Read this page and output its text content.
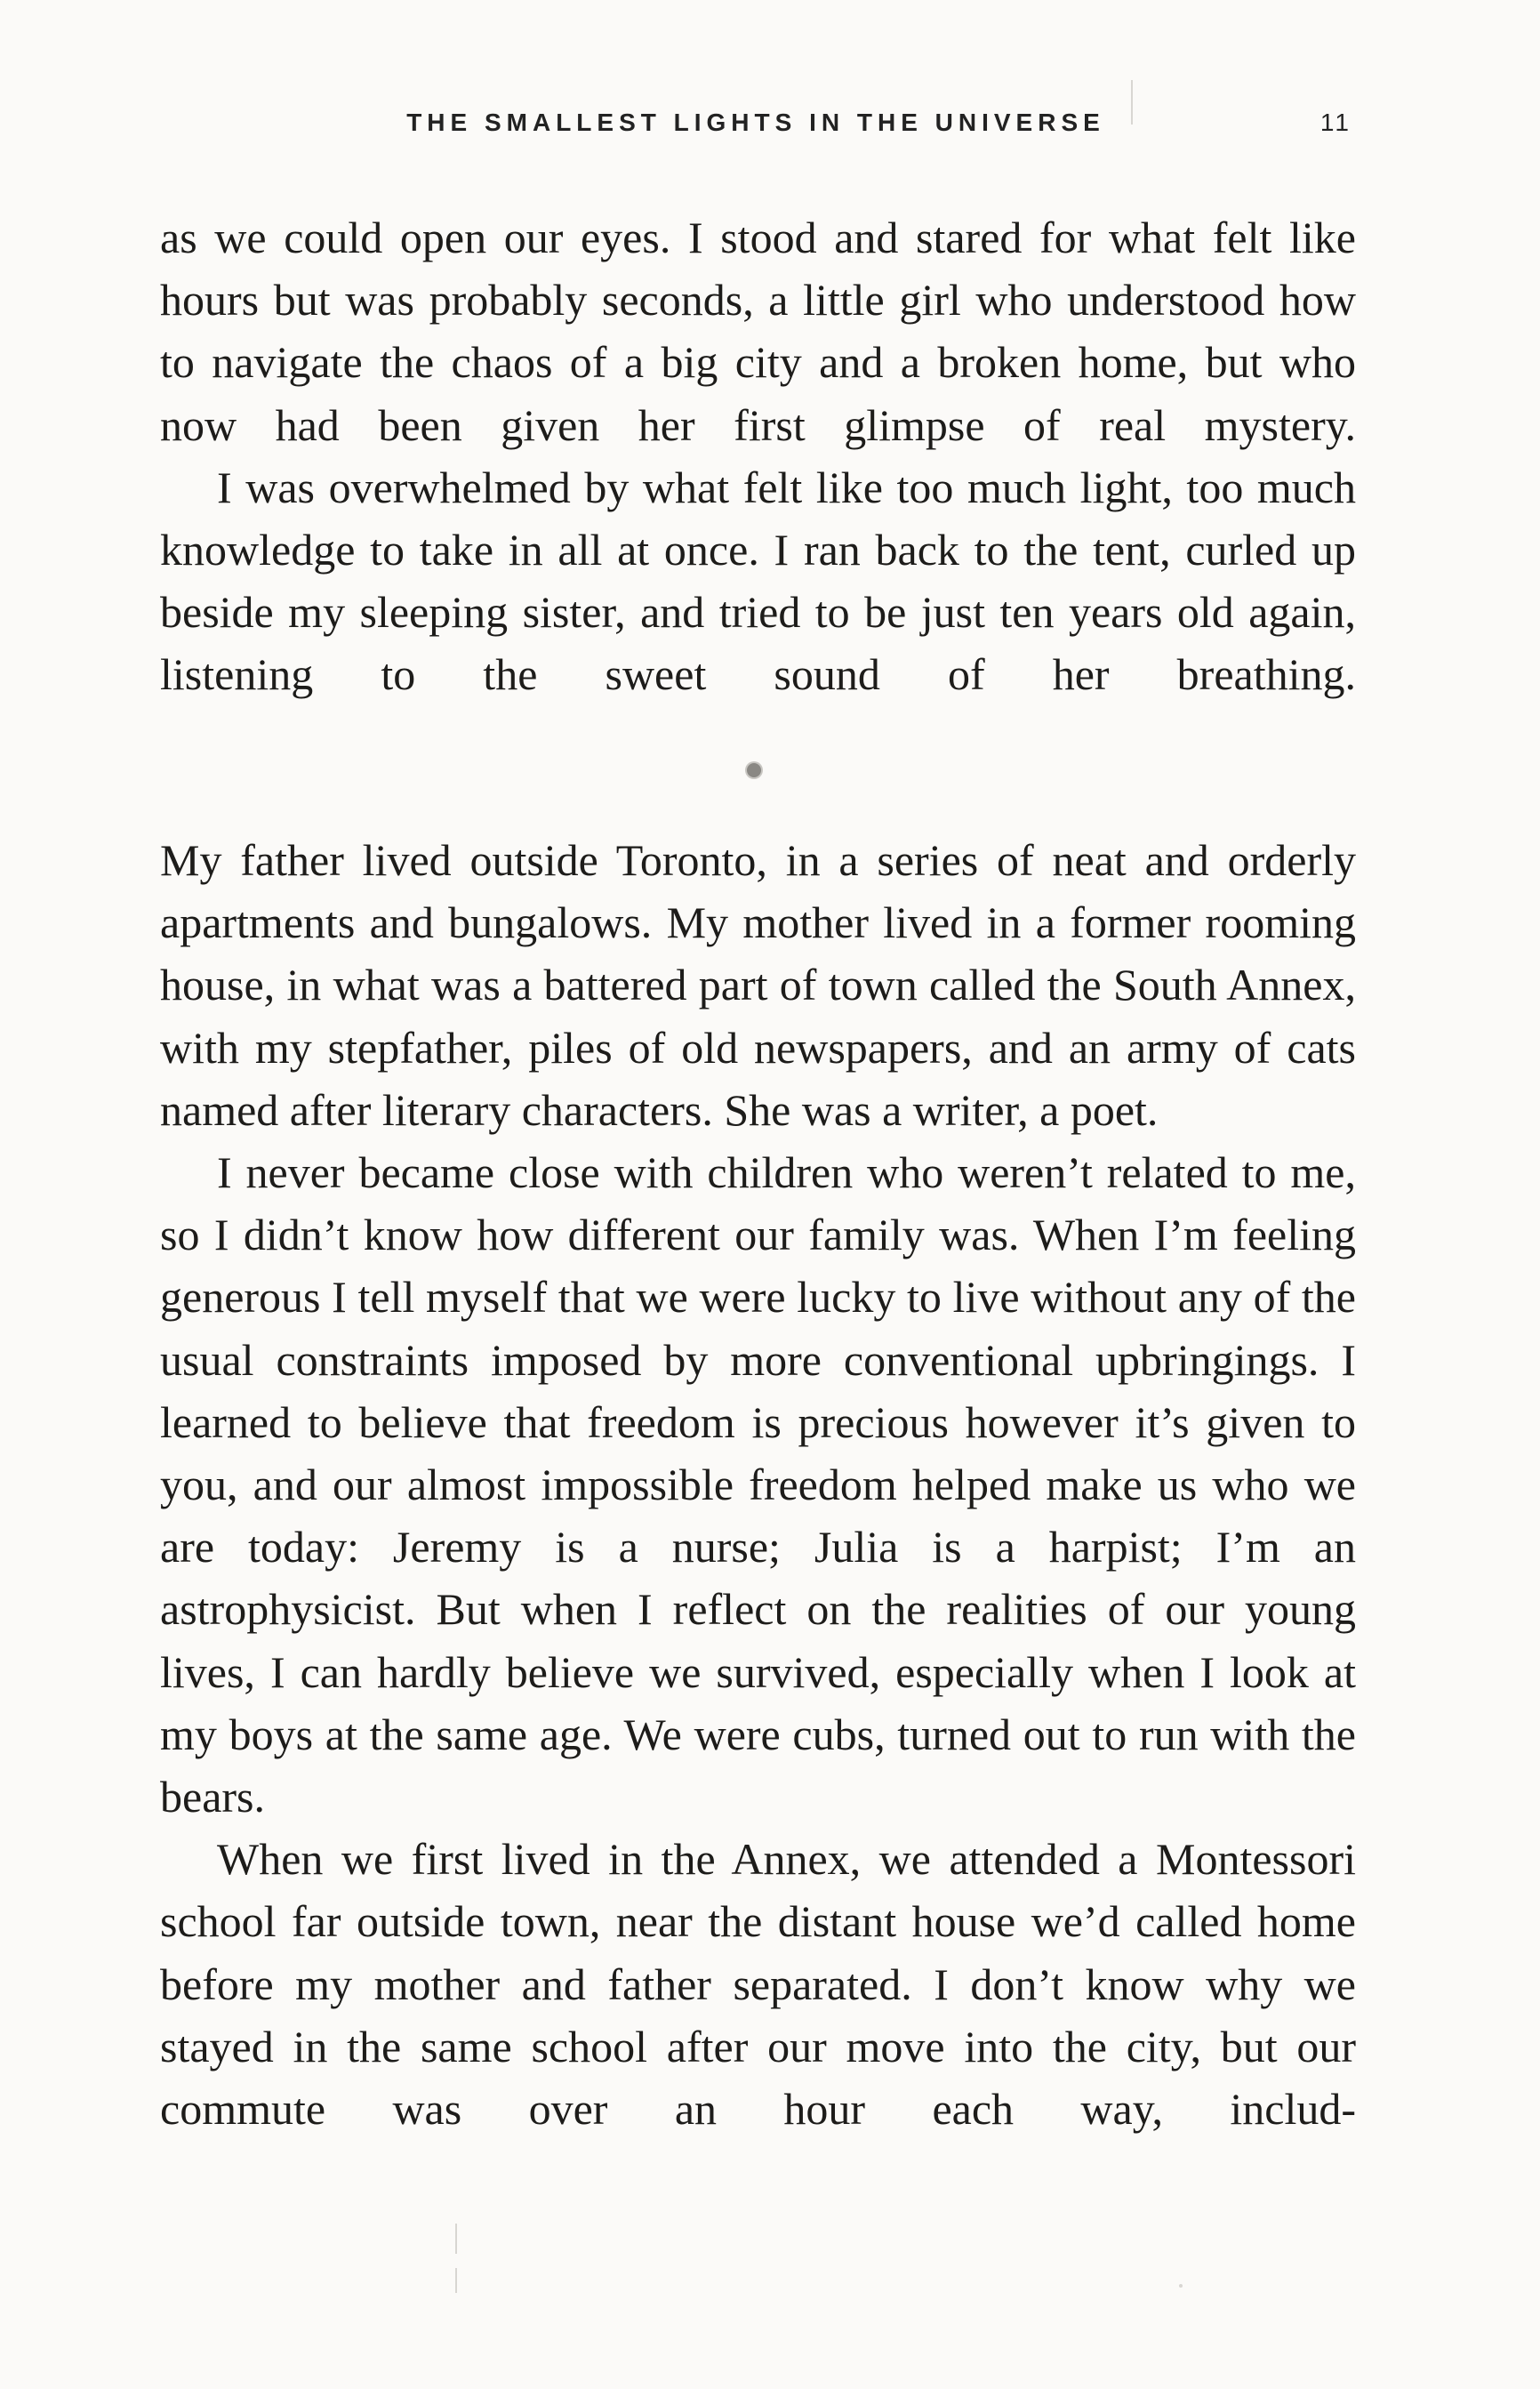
THE SMALLEST LIGHTS IN THE UNIVERSE	11

as we could open our eyes. I stood and stared for what felt like hours but was probably seconds, a little girl who understood how to navigate the chaos of a big city and a broken home, but who now had been given her first glimpse of real mystery.

I was overwhelmed by what felt like too much light, too much knowledge to take in all at once. I ran back to the tent, curled up beside my sleeping sister, and tried to be just ten years old again, listening to the sweet sound of her breathing.

My father lived outside Toronto, in a series of neat and orderly apartments and bungalows. My mother lived in a former rooming house, in what was a battered part of town called the South Annex, with my stepfather, piles of old newspapers, and an army of cats named after literary characters. She was a writer, a poet.

I never became close with children who weren’t related to me, so I didn’t know how different our family was. When I’m feeling generous I tell myself that we were lucky to live without any of the usual constraints imposed by more conventional upbringings. I learned to believe that freedom is precious however it’s given to you, and our almost impossible freedom helped make us who we are today: Jeremy is a nurse; Julia is a harpist; I’m an astrophysicist. But when I reflect on the realities of our young lives, I can hardly believe we survived, especially when I look at my boys at the same age. We were cubs, turned out to run with the bears.

When we first lived in the Annex, we attended a Montessori school far outside town, near the distant house we’d called home before my mother and father separated. I don’t know why we stayed in the same school after our move into the city, but our commute was over an hour each way, includ-
